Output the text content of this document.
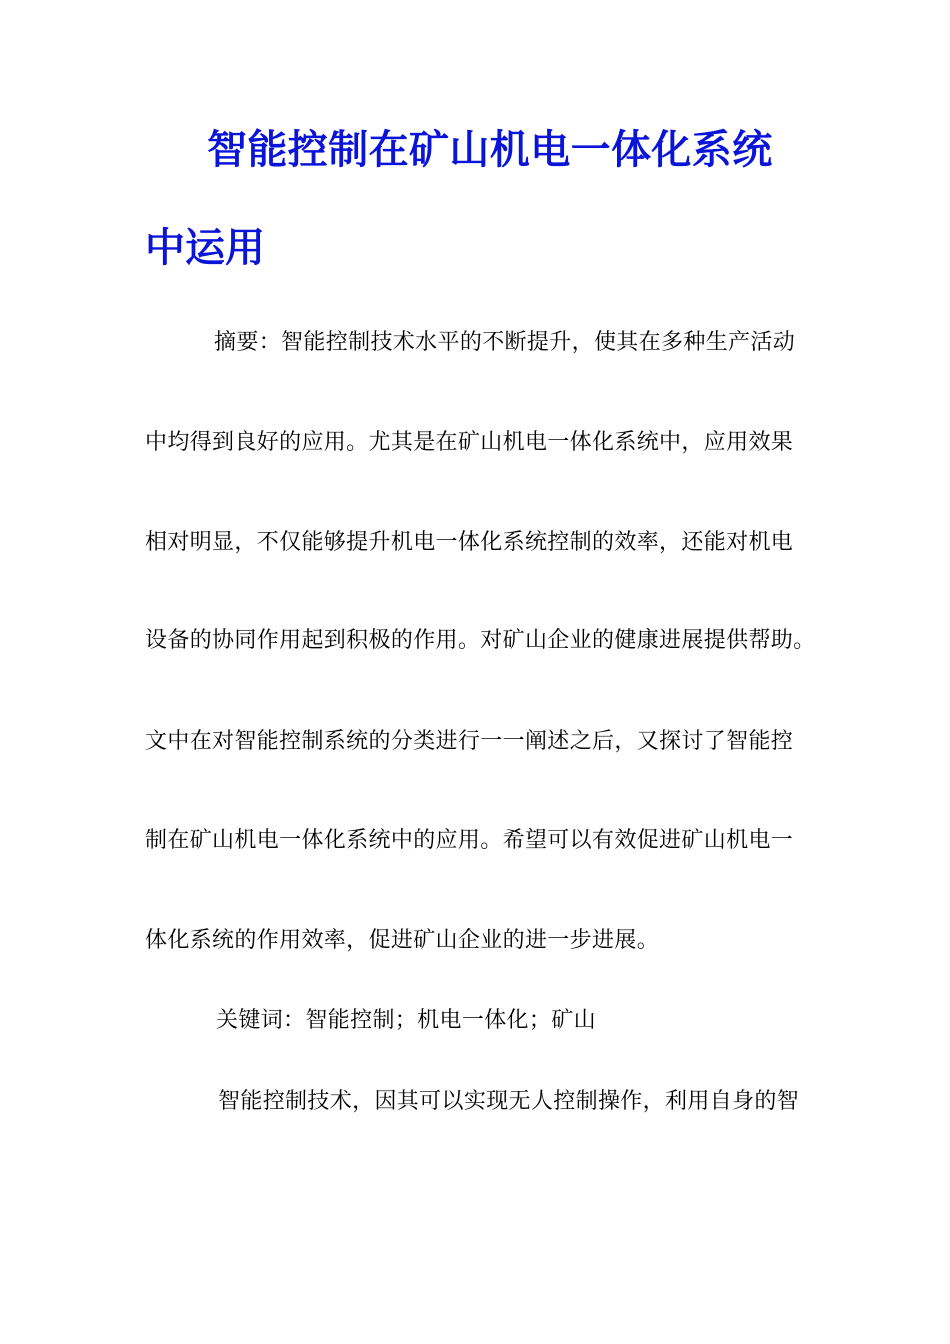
智能控制在矿山机电一体化系统
中运用
摘要：智能控制技术水平的不断提升，使其在多种生产活动
中均得到良好的应用。尤其是在矿山机电一体化系统中，应用效果
相对明显，不仅能够提升机电一体化系统控制的效率，还能对机电
设备的协同作用起到积极的作用。对矿山企业的健康进展提供帮助。
文中在对智能控制系统的分类进行一一阐述之后，又探讨了智能控
制在矿山机电一体化系统中的应用。希望可以有效促进矿山机电一
体化系统的作用效率，促进矿山企业的进一步进展。
关键词：智能控制；机电一体化；矿山
智能控制技术，因其可以实现无人控制操作，利用自身的智
